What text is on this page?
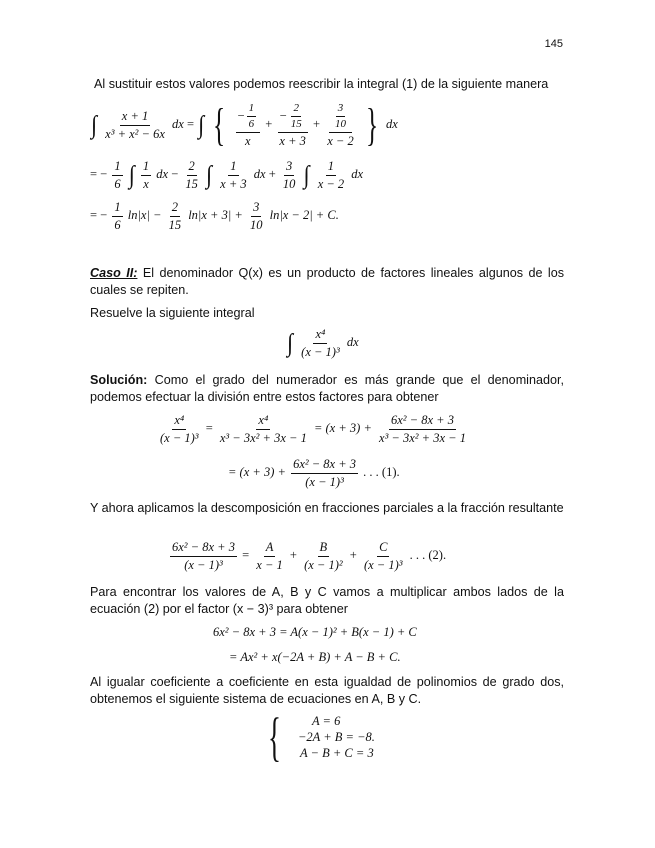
145
Al sustituir estos valores podemos reescribir la integral (1) de la siguiente manera
∫ $\frac{x + 1}{\text{x³ + x² − 6x}}$ dx = ∫ { $\frac{- \frac{1}{6}}{x} + \frac{- \frac{2}{15}}{x + 3} + \frac{\frac{3}{10}}{x - 2}$ } dx
= − $\frac{1}{6}$ ∫ $\frac{1}{x}$ dx − $\frac{2}{15}$ ∫ $\frac{1}{x + 3}$ dx + $\frac{3}{10}$ ∫ $\frac{1}{x - 2}$ dx
= − $\frac{1}{6} \ln|x| - \frac{2}{15} \ln|x + 3| + \frac{3}{10} \ln|x - 2| + C$.
Caso II: El denominador Q(x) es un producto de factores lineales algunos de los cuales se repiten.
Resuelve la siguiente integral
∫ $\frac{\text{x⁴}}{\text{(x − 1)³}}$ dx
Solución: Como el grado del numerador es más grande que el denominador, podemos efectuar la división entre estos factores para obtener
$\frac{\text{x⁴}}{\text{(x − 1)³}} = \frac{\text{x⁴}}{\text{x³ − 3x² + 3x − 1}} = (x + 3) + \frac{\text{6x² − 8x + 3}}{\text{x³ − 3x² + 3x − 1}}$
= $(x + 3) + \frac{\text{6x² − 8x + 3}}{\text{(x − 1)³}}$ . . . (1).
Y ahora aplicamos la descomposición en fracciones parciales a la fracción resultante
$\frac{\text{6x² − 8x + 3}}{\text{(x − 1)³}} = \frac{A}{x - 1} + \frac{B}{\text{(x − 1)²}} + \frac{C}{\text{(x − 1)³}}$ . . . (2).
Para encontrar los valores de A, B y C vamos a multiplicar ambos lados de la ecuación (2) por el factor (x − 3)³ para obtener
6x² − 8x + 3 = A(x − 1)² + B(x − 1) + C
= Ax² + x(−2A + B) + A − B + C.
Al igualar coeficiente a coeficiente en esta igualdad de polinomios de grado dos, obtenemos el siguiente sistema de ecuaciones en A, B y C.
{ A = 6
−2A + B = −8.
A − B + C = 3
